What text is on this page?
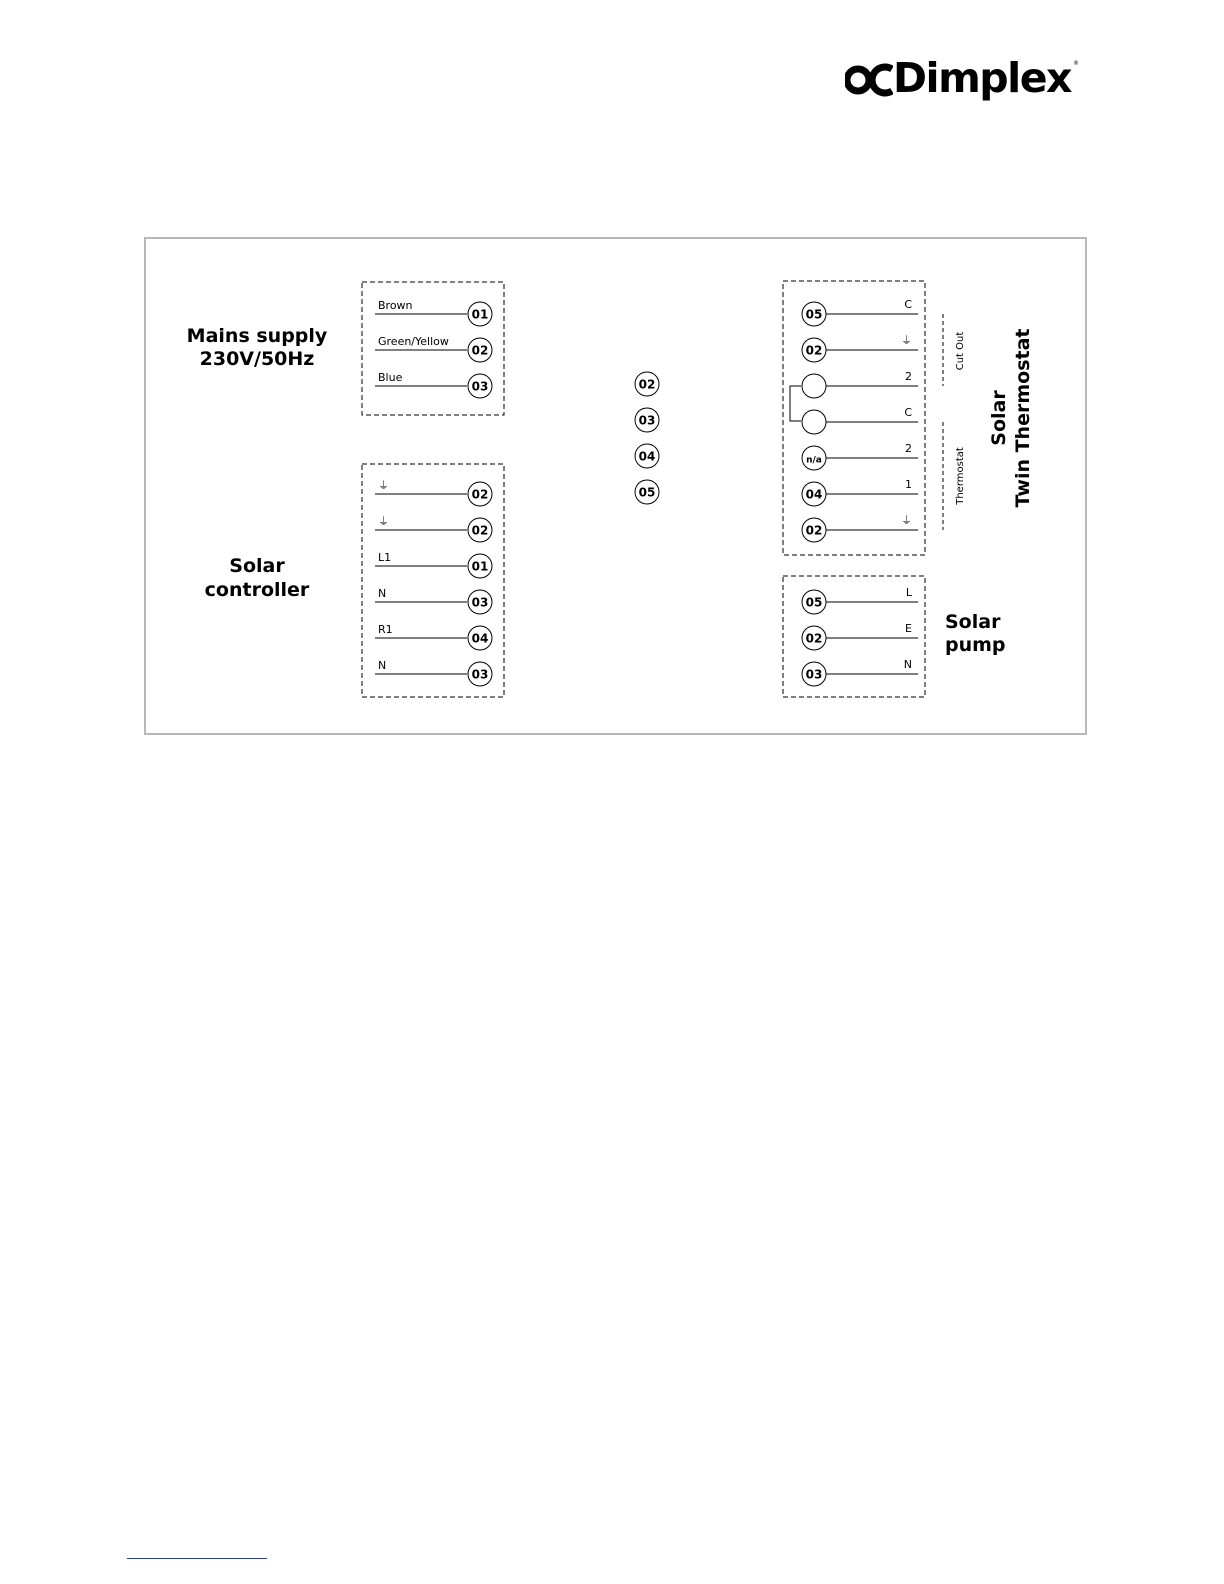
Dimplex ®
Mains supply
230V/50Hz
Solar
controller
Solar
pump
Solar Twin Thermostat
Cut Out
Thermostat
Brown
01
Green/Yellow
02
Blue
03
⏚
02
⏚
02
L1
01
N
03
R1
04
N
03
02
03
04
05
05
C
02
⏚
2
C
n/a
2
04
1
02
⏚
05
L
02
E
03
N
